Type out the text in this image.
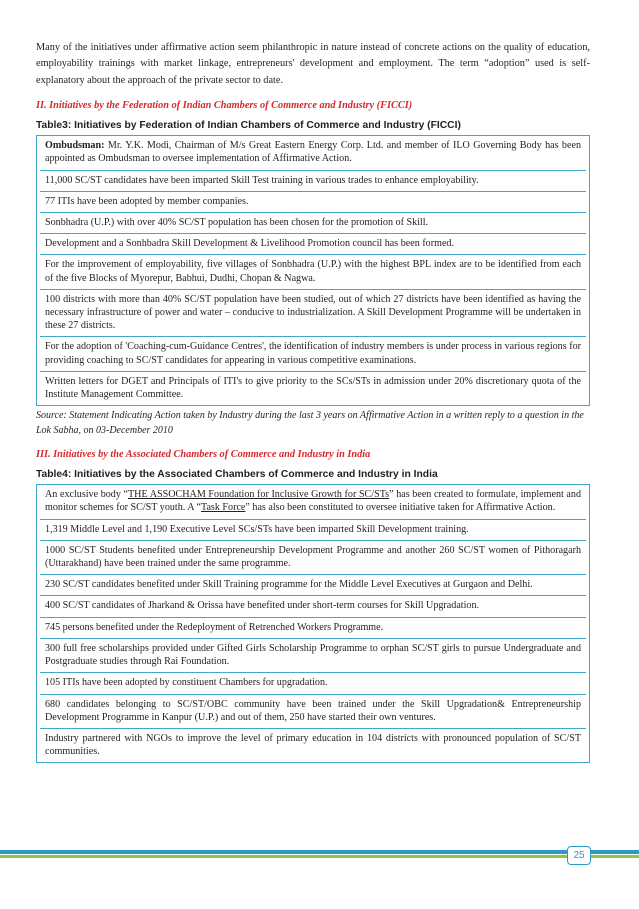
Many of the initiatives under affirmative action seem philanthropic in nature instead of concrete actions on the quality of education, employability trainings with market linkage, entrepreneurs' development and employment. The term “adoption” used is self-explanatory about the approach of the private sector to date.

II. Initiatives by the Federation of Indian Chambers of Commerce and Industry (FICCI)
Table3: Initiatives by Federation of Indian Chambers of Commerce and Industry (FICCI)
Ombudsman: Mr. Y.K. Modi, Chairman of M/s Great Eastern Energy Corp. Ltd. and member of ILO Governing Body has been appointed as Ombudsman to oversee implementation of Affirmative Action.
11,000 SC/ST candidates have been imparted Skill Test training in various trades to enhance employability.
77 ITIs have been adopted by member companies.
Sonbhadra (U.P.) with over 40% SC/ST population has been chosen for the promotion of Skill.
Development and a Sonhbadra Skill Development & Livelihood Promotion council has been formed.
For the improvement of employability, five villages of Sonbhadra (U.P.) with the highest BPL index are to be identified from each of the five Blocks of Myorepur, Babhui, Dudhi, Chopan & Nagwa.
100 districts with more than 40% SC/ST population have been studied, out of which 27 districts have been identified as having the necessary infrastructure of power and water – conducive to industrialization. A Skill Development Programme will be undertaken in these 27 districts.
For the adoption of 'Coaching-cum-Guidance Centres', the identification of industry members is under process in various regions for providing coaching to SC/ST candidates for appearing in various competitive examinations.
Written letters for DGET and Principals of ITI's to give priority to the SCs/STs in admission under 20% discretionary quota of the Institute Management Committee.

Source: Statement Indicating Action taken by Industry during the last 3 years on Affirmative Action in a written reply to a question in the Lok Sabha, on 03-December 2010

III. Initiatives by the Associated Chambers of Commerce and Industry in India
Table4: Initiatives by the Associated Chambers of Commerce and Industry in India
An exclusive body “THE ASSOCHAM Foundation for Inclusive Growth for SC/STs” has been created to formulate, implement and monitor schemes for SC/ST youth. A “Task Force” has also been constituted to oversee initiative taken for Affirmative Action.
1,319 Middle Level and 1,190 Executive Level SCs/STs have been imparted Skill Development training.
1000 SC/ST Students benefited under Entrepreneurship Development Programme and another 260 SC/ST women of Pithoragarh (Uttarakhand) have been trained under the same programme.
230 SC/ST candidates benefited under Skill Training programme for the Middle Level Executives at Gurgaon and Delhi.
400 SC/ST candidates of Jharkand & Orissa have benefited under short-term courses for Skill Upgradation.
745 persons benefited under the Redeployment of Retrenched Workers Programme.
300 full free scholarships provided under Gifted Girls Scholarship Programme to orphan SC/ST girls to pursue Undergraduate and Postgraduate studies through Rai Foundation.
105 ITIs have been adopted by constituent Chambers for upgradation.
680 candidates belonging to SC/ST/OBC community have been trained under the Skill Upgradation& Entrepreneurship Development Programme in Kanpur (U.P.) and out of them, 250 have started their own ventures.
Industry partnered with NGOs to improve the level of primary education in 104 districts with pronounced population of SC/ST communities.
25
